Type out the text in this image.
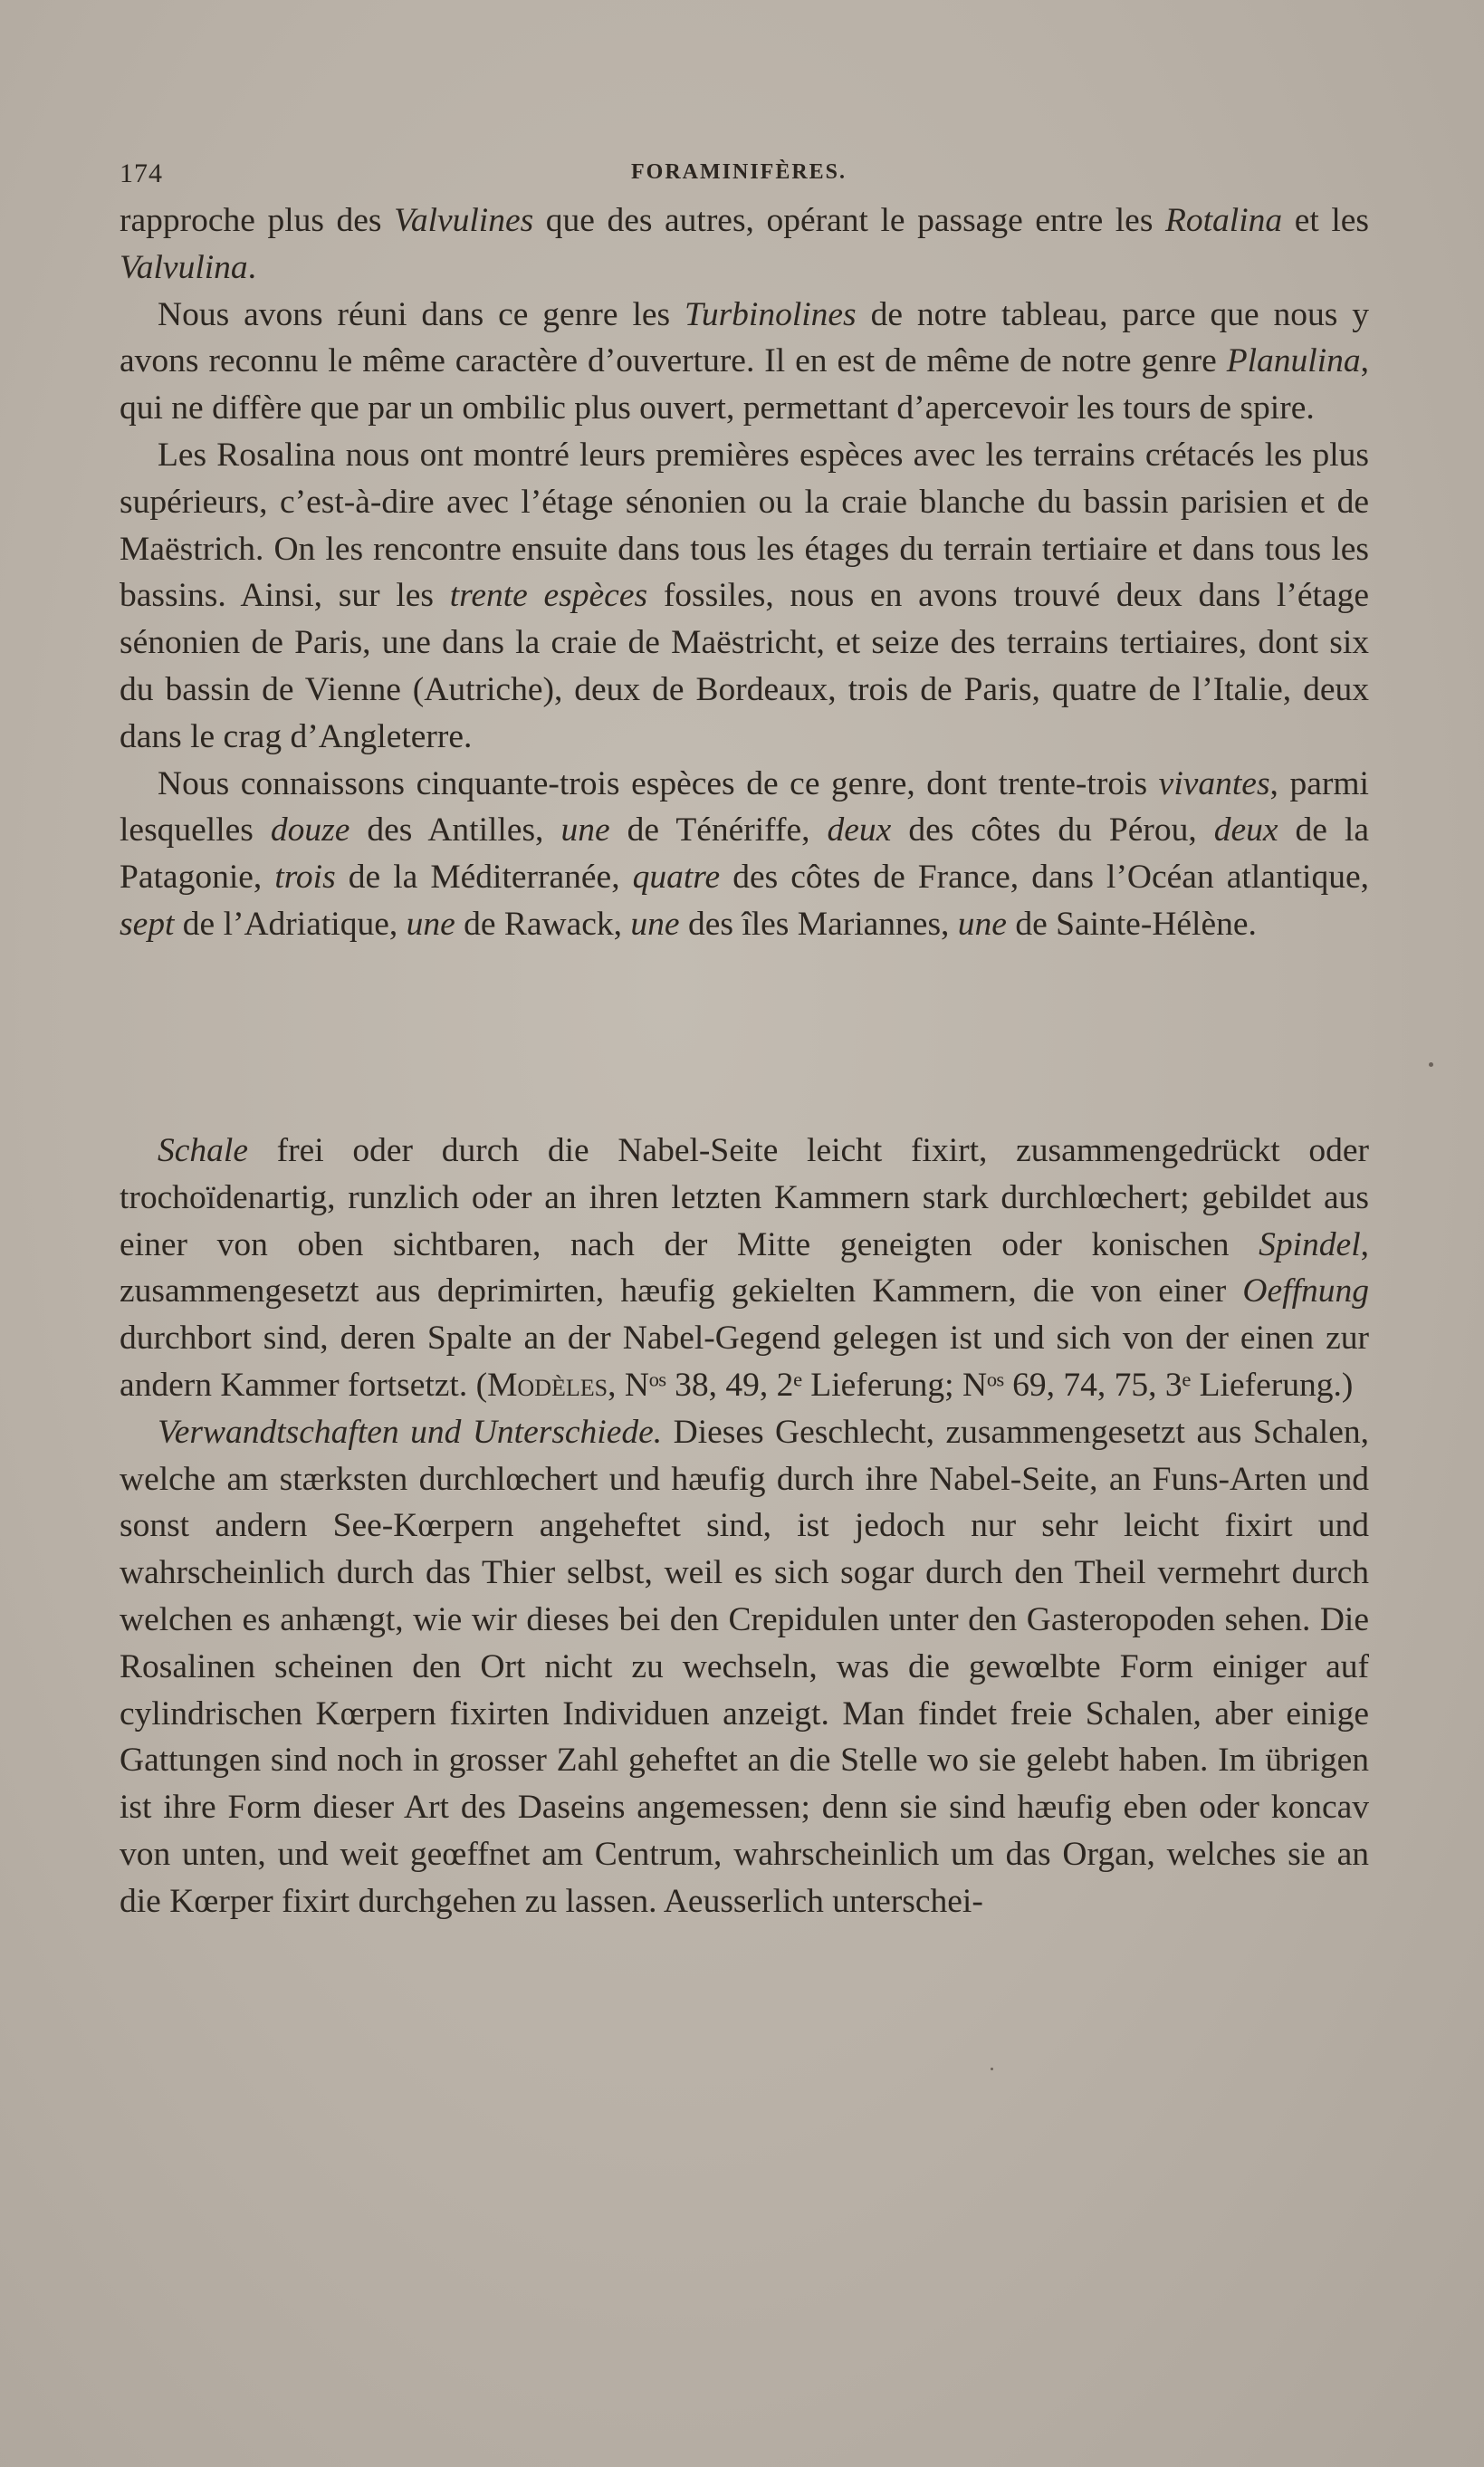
174	FORAMINIFÈRES.

rapproche plus des Valvulines que des autres, opérant le passage entre les Rotalina et les Valvulina.

Nous avons réuni dans ce genre les Turbinolines de notre tableau, parce que nous y avons reconnu le même caractère d’ouverture. Il en est de même de notre genre Planulina, qui ne diffère que par un ombilic plus ouvert, permettant d’apercevoir les tours de spire.

Les Rosalina nous ont montré leurs premières espèces avec les terrains crétacés les plus supérieurs, c’est-à-dire avec l’étage sénonien ou la craie blanche du bassin parisien et de Maëstrich. On les rencontre ensuite dans tous les étages du terrain tertiaire et dans tous les bassins. Ainsi, sur les trente espèces fossiles, nous en avons trouvé deux dans l’étage sénonien de Paris, une dans la craie de Maëstricht, et seize des terrains tertiaires, dont six du bassin de Vienne (Autriche), deux de Bordeaux, trois de Paris, quatre de l’Italie, deux dans le crag d’Angleterre.

Nous connaissons cinquante-trois espèces de ce genre, dont trente-trois vivantes, parmi lesquelles douze des Antilles, une de Ténériffe, deux des côtes du Pérou, deux de la Patagonie, trois de la Méditerranée, quatre des côtes de France, dans l’Océan atlantique, sept de l’Adriatique, une de Rawack, une des îles Mariannes, une de Sainte-Hélène.

Schale frei oder durch die Nabel-Seite leicht fixirt, zusammengedrückt oder trochoïdenartig, runzlich oder an ihren letzten Kammern stark durchlœchert; gebildet aus einer von oben sichtbaren, nach der Mitte geneigten oder konischen Spindel, zusammengesetzt aus deprimirten, hæufig gekielten Kammern, die von einer Oeffnung durchbort sind, deren Spalte an der Nabel-Gegend gelegen ist und sich von der einen zur andern Kammer fortsetzt. (Modèles, Nᵒˢ 38, 49, 2ᵉ Lieferung; Nᵒˢ 69, 74, 75, 3ᵉ Lieferung.)

Verwandtschaften und Unterschiede. Dieses Geschlecht, zusammengesetzt aus Schalen, welche am stærksten durchlœchert und hæufig durch ihre Nabel-Seite, an Funs-Arten und sonst andern See-Kœrpern angeheftet sind, ist jedoch nur sehr leicht fixirt und wahrscheinlich durch das Thier selbst, weil es sich sogar durch den Theil vermehrt durch welchen es anhængt, wie wir dieses bei den Crepidulen unter den Gasteropoden sehen. Die Rosalinen scheinen den Ort nicht zu wechseln, was die gewœlbte Form einiger auf cylindrischen Kœrpern fixirten Individuen anzeigt. Man findet freie Schalen, aber einige Gattungen sind noch in grosser Zahl geheftet an die Stelle wo sie gelebt haben. Im übrigen ist ihre Form dieser Art des Daseins angemessen; denn sie sind hæufig eben oder koncav von unten, und weit geœffnet am Centrum, wahrscheinlich um das Organ, welches sie an die Kœrper fixirt durchgehen zu lassen. Aeusserlich unterschei-
